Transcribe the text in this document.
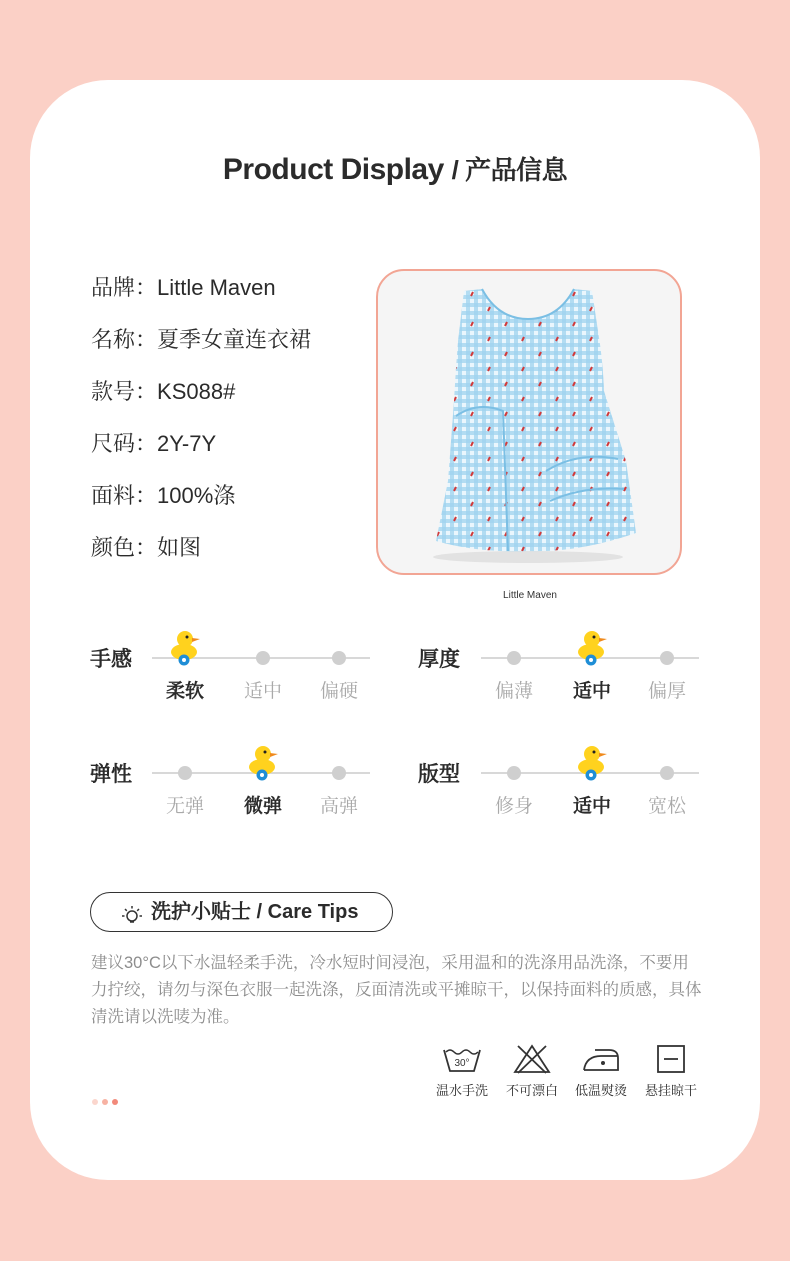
Product Display / 产品信息
品牌：Little Maven
名称：夏季女童连衣裙
款号：KS088#
尺码：2Y-7Y
面料：100%涤
颜色：如图
Little Maven
手感
柔软	适中	偏硬
厚度
偏薄	适中	偏厚
弹性
无弹	微弹	高弹
版型
修身	适中	宽松
洗护小贴士 / Care Tips
建议30°C以下水温轻柔手洗，冷水短时间浸泡，采用温和的洗涤用品洗涤，不要用力拧绞，请勿与深色衣服一起洗涤，反面清洗或平摊晾干，以保持面料的质感，具体清洗请以洗唛为准。
30°
温水手洗	不可漂白	低温熨烫	悬挂晾干
